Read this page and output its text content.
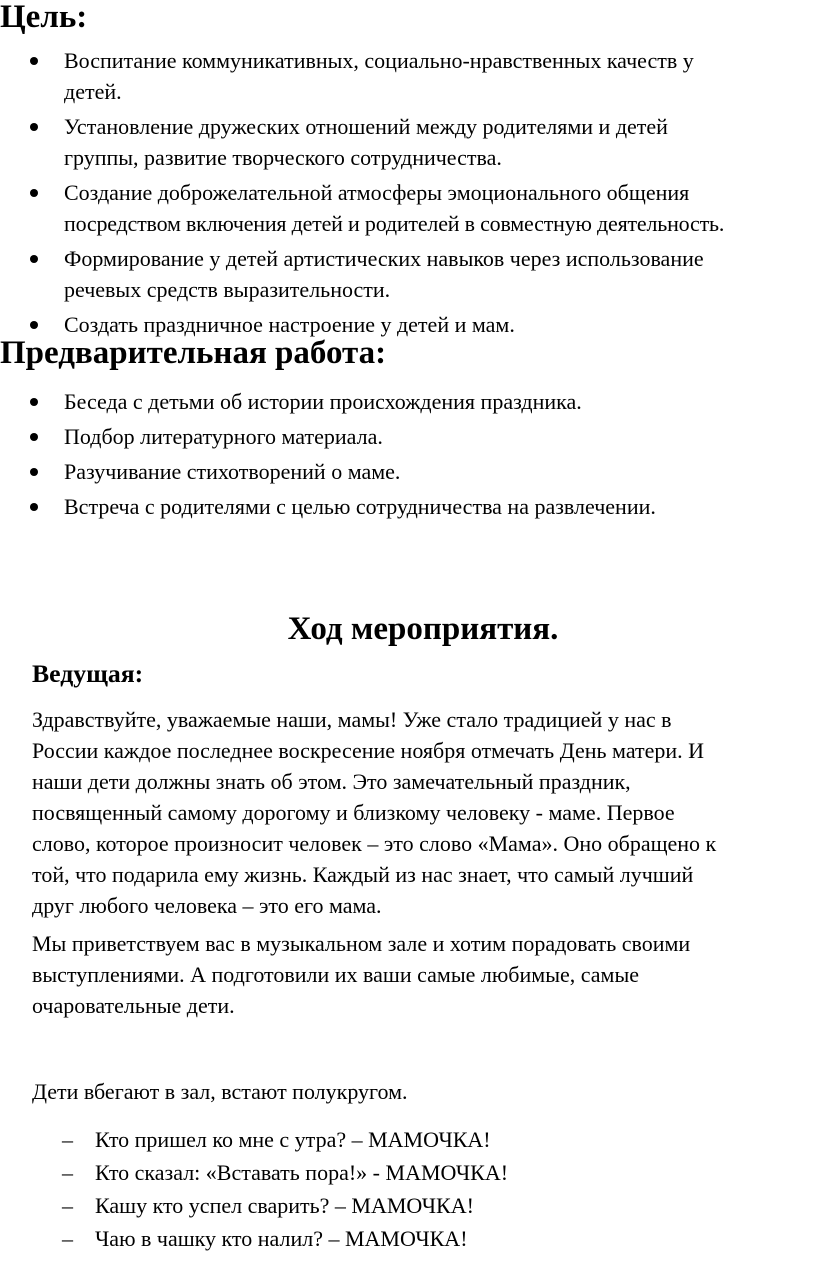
Цель:
Воспитание коммуникативных, социально-нравственных качеств у
детей.
Установление дружеских отношений между родителями и детей
группы, развитие творческого сотрудничества.
Создание доброжелательной атмосферы эмоционального общения
посредством включения детей и родителей в совместную деятельность.
Формирование у детей артистических навыков через использование
речевых средств выразительности.
Создать праздничное настроение у детей и мам.
Предварительная работа:
Беседа с детьми об истории происхождения праздника.
Подбор литературного материала.
Разучивание стихотворений о маме.
Встреча с родителями с целью сотрудничества на развлечении.
Ход мероприятия.
Ведущая:
Здравствуйте, уважаемые наши, мамы! Уже стало традицией у нас в
России каждое последнее воскресение ноября отмечать День матери. И
наши дети должны знать об этом. Это замечательный праздник,
посвященный самому дорогому и близкому человеку - маме. Первое
слово, которое произносит человек – это слово «Мама». Оно обращено к
той, что подарила ему жизнь. Каждый из нас знает, что самый лучший
друг любого человека – это его мама.
Мы приветствуем вас в музыкальном зале и хотим порадовать своими
выступлениями. А подготовили их ваши самые любимые, самые
очаровательные дети.
Дети вбегают в зал, встают полукругом.
– Кто пришел ко мне с утра? – МАМОЧКА!
– Кто сказал: «Вставать пора!» - МАМОЧКА!
– Кашу кто успел сварить? – МАМОЧКА!
– Чаю в чашку кто налил? – МАМОЧКА!
